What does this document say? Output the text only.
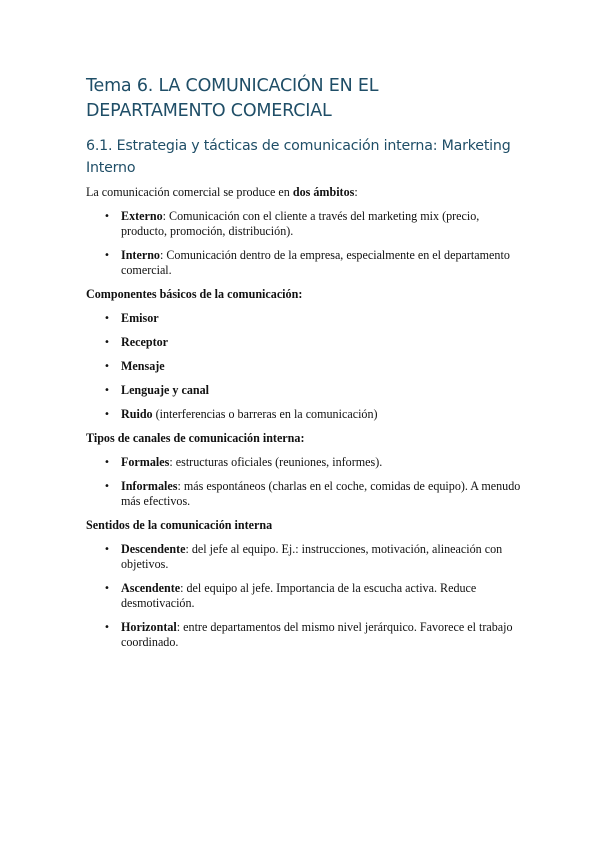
Tema 6. LA COMUNICACIÓN EN EL DEPARTAMENTO COMERCIAL
6.1. Estrategia y tácticas de comunicación interna: Marketing Interno

La comunicación comercial se produce en dos ámbitos:

• Externo: Comunicación con el cliente a través del marketing mix (precio, producto, promoción, distribución).
• Interno: Comunicación dentro de la empresa, especialmente en el departamento comercial.

Componentes básicos de la comunicación:

• Emisor
• Receptor
• Mensaje
• Lenguaje y canal
• Ruido (interferencias o barreras en la comunicación)

Tipos de canales de comunicación interna:

• Formales: estructuras oficiales (reuniones, informes).
• Informales: más espontáneos (charlas en el coche, comidas de equipo). A menudo más efectivos.

Sentidos de la comunicación interna

• Descendente: del jefe al equipo. Ej.: instrucciones, motivación, alineación con objetivos.
• Ascendente: del equipo al jefe. Importancia de la escucha activa. Reduce desmotivación.
• Horizontal: entre departamentos del mismo nivel jerárquico. Favorece el trabajo coordinado.
